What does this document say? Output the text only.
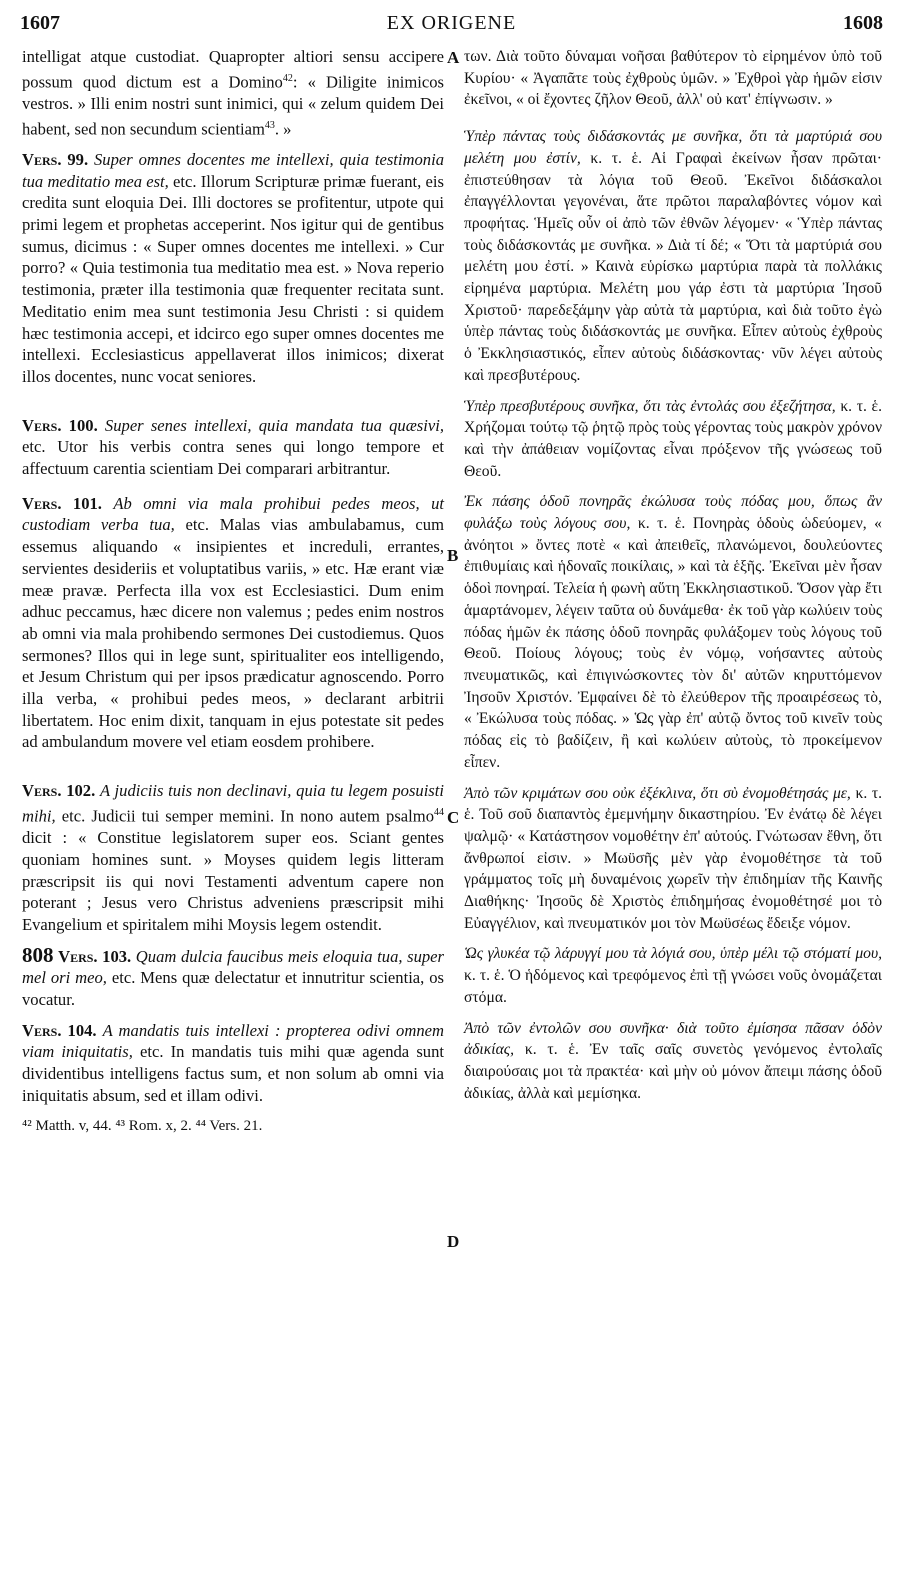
1607	EX ORIGENE	1608
A
B
C
D

intelligat atque custodiat. Quapropter altiori sensu accipere possum quod dictum est a Domino$^{42}$: « Diligite inimicos vestros. » Illi enim nostri sunt inimici, qui « zelum quidem Dei habent, sed non secundum scientiam$^{43}$. »

Vers. 99. Super omnes docentes me intellexi, quia testimonia tua meditatio mea est, etc. Illorum Scripturæ primæ fuerant, eis credita sunt eloquia Dei. Illi doctores se profitentur, utpote qui primi legem et prophetas acceperint. Nos igitur qui de gentibus sumus, dicimus : « Super omnes docentes me intellexi. » Cur porro? « Quia testimonia tua meditatio mea est. » Nova reperio testimonia, præter illa testimonia quæ frequenter recitata sunt. Meditatio enim mea sunt testimonia Jesu Christi : si quidem hæc testimonia accepi, et idcirco ego super omnes docentes me intellexi. Ecclesiasticus appellaverat illos inimicos; dixerat illos docentes, nunc vocat seniores.

Vers. 100. Super senes intellexi, quia mandata tua quæsivi, etc. Utor his verbis contra senes qui longo tempore et affectuum carentia scientiam Dei comparari arbitrantur.

Vers. 101. Ab omni via mala prohibui pedes meos, ut custodiam verba tua, etc. Malas vias ambulabamus, cum essemus aliquando « insipientes et increduli, errantes, servientes desideriis et voluptatibus variis, » etc. Hæ erant viæ meæ pravæ. Perfecta illa vox est Ecclesiastici. Dum enim adhuc peccamus, hæc dicere non valemus ; pedes enim nostros ab omni via mala prohibendo sermones Dei custodiemus. Quos sermones? Illos qui in lege sunt, spiritualiter eos intelligendo, et Jesum Christum qui per ipsos prædicatur agnoscendo. Porro illa verba, « prohibui pedes meos, » declarant arbitrii libertatem. Hoc enim dixit, tanquam in ejus potestate sit pedes ad ambulandum movere vel etiam eosdem prohibere.

Vers. 102. A judiciis tuis non declinavi, quia tu legem posuisti mihi, etc. Judicii tui semper memini. In nono autem psalmo$^{44}$ dicit : « Constitue legislatorem super eos. Sciant gentes quoniam homines sunt. » Moyses quidem legis litteram præscripsit iis qui novi Testamenti adventum capere non poterant ; Jesus vero Christus adveniens præscripsit mihi Evangelium et spiritalem mihi Moysis legem ostendit.

808 Vers. 103. Quam dulcia faucibus meis eloquia tua, super mel ori meo, etc. Mens quæ delectatur et innutritur scientia, os vocatur.

Vers. 104. A mandatis tuis intellexi : propterea odivi omnem viam iniquitatis, etc. In mandatis tuis mihi quæ agenda sunt dividentibus intelligens factus sum, et non solum ab omni via iniquitatis absum, sed et illam odivi.

⁴² Matth. v, 44. ⁴³ Rom. x, 2. ⁴⁴ Vers. 21.

των. Διὰ τοῦτο δύναμαι νοῆσαι βαθύτερον τὸ εἰρημένον ὑπὸ τοῦ Κυρίου· « Ἀγαπᾶτε τοὺς ἐχθροὺς ὑμῶν. » Ἐχθροὶ γὰρ ἡμῶν εἰσιν ἐκεῖνοι, « οἱ ἔχοντες ζῆλον Θεοῦ, ἀλλ' οὐ κατ' ἐπίγνωσιν. »

Ὑπὲρ πάντας τοὺς διδάσκοντάς με συνῆκα, ὅτι τὰ μαρτύριά σου μελέτη μου ἐστίν, κ. τ. ἑ. Αἱ Γραφαὶ ἐκείνων ἦσαν πρῶται· ἐπιστεύθησαν τὰ λόγια τοῦ Θεοῦ. Ἐκεῖνοι διδάσκαλοι ἐπαγγέλλονται γεγονέναι, ἅτε πρῶτοι παραλαβόντες νόμον καὶ προφήτας. Ἡμεῖς οὖν οἱ ἀπὸ τῶν ἐθνῶν λέγομεν· « Ὑπὲρ πάντας τοὺς διδάσκοντάς με συνῆκα. » Διὰ τί δέ; « Ὅτι τὰ μαρτύριά σου μελέτη μου ἐστί. » Καινὰ εὑρίσκω μαρτύρια παρὰ τὰ πολλάκις εἰρημένα μαρτύρια. Μελέτη μου γάρ ἐστι τὰ μαρτύρια Ἰησοῦ Χριστοῦ· παρεδεξάμην γὰρ αὐτὰ τὰ μαρτύρια, καὶ διὰ τοῦτο ἐγὼ ὑπὲρ πάντας τοὺς διδάσκοντάς με συνῆκα. Εἶπεν αὐτοὺς ἐχθροὺς ὁ Ἐκκλησιαστικός, εἶπεν αὐτοὺς διδάσκοντας· νῦν λέγει αὐτοὺς καὶ πρεσβυτέρους.

Ὑπὲρ πρεσβυτέρους συνῆκα, ὅτι τὰς ἐντολάς σου ἐξεζήτησα, κ. τ. ἑ. Χρήζομαι τούτῳ τῷ ῥητῷ πρὸς τοὺς γέροντας τοὺς μακρὸν χρόνον καὶ τὴν ἀπάθειαν νομίζοντας εἶναι πρόξενον τῆς γνώσεως τοῦ Θεοῦ.

Ἐκ πάσης ὁδοῦ πονηρᾶς ἐκώλυσα τοὺς πόδας μου, ὅπως ἂν φυλάξω τοὺς λόγους σου, κ. τ. ἑ. Πονηρὰς ὁδοὺς ὡδεύομεν, « ἀνόητοι » ὄντες ποτὲ « καὶ ἀπειθεῖς, πλανώμενοι, δουλεύοντες ἐπιθυμίαις καὶ ἡδοναῖς ποικίλαις, » καὶ τὰ ἑξῆς. Ἐκεῖναι μὲν ἦσαν ὁδοὶ πονηραί. Τελεία ἡ φωνὴ αὕτη Ἐκκλησιαστικοῦ. Ὅσον γὰρ ἔτι ἁμαρτάνομεν, λέγειν ταῦτα οὐ δυνάμεθα· ἐκ τοῦ γὰρ κωλύειν τοὺς πόδας ἡμῶν ἐκ πάσης ὁδοῦ πονηρᾶς φυλάξομεν τοὺς λόγους τοῦ Θεοῦ. Ποίους λόγους; τοὺς ἐν νόμῳ, νοήσαντες αὐτοὺς πνευματικῶς, καὶ ἐπιγινώσκοντες τὸν δι' αὐτῶν κηρυττόμενον Ἰησοῦν Χριστόν. Ἐμφαίνει δὲ τὸ ἐλεύθερον τῆς προαιρέσεως τὸ, « Ἐκώλυσα τοὺς πόδας. » Ὡς γὰρ ἐπ' αὐτῷ ὄντος τοῦ κινεῖν τοὺς πόδας εἰς τὸ βαδίζειν, ἢ καὶ κωλύειν αὐτοὺς, τὸ προκείμενον εἶπεν.

Ἀπὸ τῶν κριμάτων σου οὐκ ἐξέκλινα, ὅτι σὺ ἐνομοθέτησάς με, κ. τ. ἑ. Τοῦ σοῦ διαπαντὸς ἐμεμνήμην δικαστηρίου. Ἐν ἐνάτῳ δὲ λέγει ψαλμῷ· « Κατάστησον νομοθέτην ἐπ' αὐτούς. Γνώτωσαν ἔθνη, ὅτι ἄνθρωποί εἰσιν. » Μωϋσῆς μὲν γὰρ ἐνομοθέτησε τὰ τοῦ γράμματος τοῖς μὴ δυναμένοις χωρεῖν τὴν ἐπιδημίαν τῆς Καινῆς Διαθήκης· Ἰησοῦς δὲ Χριστὸς ἐπιδημήσας ἐνομοθέτησέ μοι τὸ Εὐαγγέλιον, καὶ πνευματικόν μοι τὸν Μωϋσέως ἔδειξε νόμον.

Ὡς γλυκέα τῷ λάρυγγί μου τὰ λόγιά σου, ὑπὲρ μέλι τῷ στόματί μου, κ. τ. ἑ. Ὁ ἡδόμενος καὶ τρεφόμενος ἐπὶ τῇ γνώσει νοῦς ὀνομάζεται στόμα.

Ἀπὸ τῶν ἐντολῶν σου συνῆκα· διὰ τοῦτο ἐμίσησα πᾶσαν ὁδὸν ἀδικίας, κ. τ. ἑ. Ἐν ταῖς σαῖς συνετὸς γενόμενος ἐντολαῖς διαιρούσαις μοι τὰ πρακτέα· καὶ μὴν οὐ μόνον ἄπειμι πάσης ὁδοῦ ἀδικίας, ἀλλὰ καὶ μεμίσηκα.
